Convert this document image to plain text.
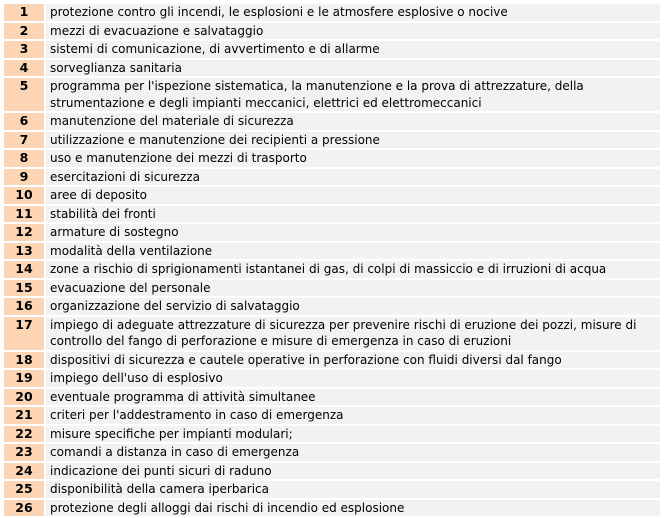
1	protezione contro gli incendi, le esplosioni e le atmosfere esplosive o nocive
2	mezzi di evacuazione e salvataggio
3	sistemi di comunicazione, di avvertimento e di allarme
4	sorveglianza sanitaria
5	programma per l'ispezione sistematica, la manutenzione e la prova di attrezzature, della
strumentazione e degli impianti meccanici, elettrici ed elettromeccanici
6	manutenzione del materiale di sicurezza
7	utilizzazione e manutenzione dei recipienti a pressione
8	uso e manutenzione dei mezzi di trasporto
9	esercitazioni di sicurezza
10	aree di deposito
11	stabilità dei fronti
12	armature di sostegno
13	modalità della ventilazione
14	zone a rischio di sprigionamenti istantanei di gas, di colpi di massiccio e di irruzioni di acqua
15	evacuazione del personale
16	organizzazione del servizio di salvataggio
17	impiego di adeguate attrezzature di sicurezza per prevenire rischi di eruzione dei pozzi, misure di
controllo del fango di perforazione e misure di emergenza in caso di eruzioni
18	dispositivi di sicurezza e cautele operative in perforazione con fluidi diversi dal fango
19	impiego dell'uso di esplosivo
20	eventuale programma di attività simultanee
21	criteri per l'addestramento in caso di emergenza
22	misure specifiche per impianti modulari;
23	comandi a distanza in caso di emergenza
24	indicazione dei punti sicuri di raduno
25	disponibilità della camera iperbarica
26	protezione degli alloggi dai rischi di incendio ed esplosione
